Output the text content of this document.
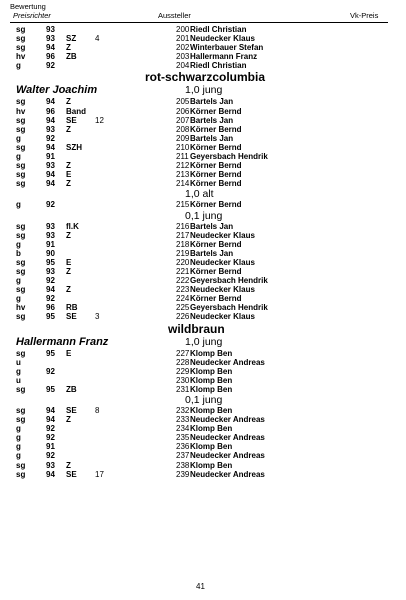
Bewertung
Preisrichter	Aussteller	Vk-Preis
sg	93	200 Riedl Christian
sg	93 SZ 4	201 Neudecker Klaus
sg	94 Z	202 Winterbauer Stefan
hv	96 ZB	203 Hallermann Franz
g	92	204 Riedl Christian
rot-schwarzcolumbia
Walter Joachim	1,0 jung
sg	94 Z	205 Bartels Jan
hv	96 Band	206 Körner Bernd
sg	94 SE 12	207 Bartels Jan
sg	93 Z	208 Körner Bernd
g	92	209 Bartels Jan
sg	94 SZH	210 Körner Bernd
g	91	211 Geyersbach Hendrik
sg	93 Z	212 Körner Bernd
sg	94 E	213 Körner Bernd
sg	94 Z	214 Körner Bernd
1,0 alt
g	92	215 Körner Bernd
0,1 jung
sg	93 fl.K	216 Bartels Jan
sg	93 Z	217 Neudecker Klaus
g	91	218 Körner Bernd
b	90	219 Bartels Jan
sg	95 E	220 Neudecker Klaus
sg	93 Z	221 Körner Bernd
g	92	222 Geyersbach Hendrik
sg	94 Z	223 Neudecker Klaus
g	92	224 Körner Bernd
hv	96 RB	225 Geyersbach Hendrik
sg	95 SE 3	226 Neudecker Klaus
wildbraun
Hallermann Franz	1,0 jung
sg	95 E	227 Klomp Ben
u	228 Neudecker Andreas
g	92	229 Klomp Ben
u	230 Klomp Ben
sg	95 ZB	231 Klomp Ben
0,1 jung
sg	94 SE 8	232 Klomp Ben
sg	94 Z	233 Neudecker Andreas
g	92	234 Klomp Ben
g	92	235 Neudecker Andreas
g	91	236 Klomp Ben
g	92	237 Neudecker Andreas
sg	93 Z	238 Klomp Ben
sg	94 SE 17	239 Neudecker Andreas
41
